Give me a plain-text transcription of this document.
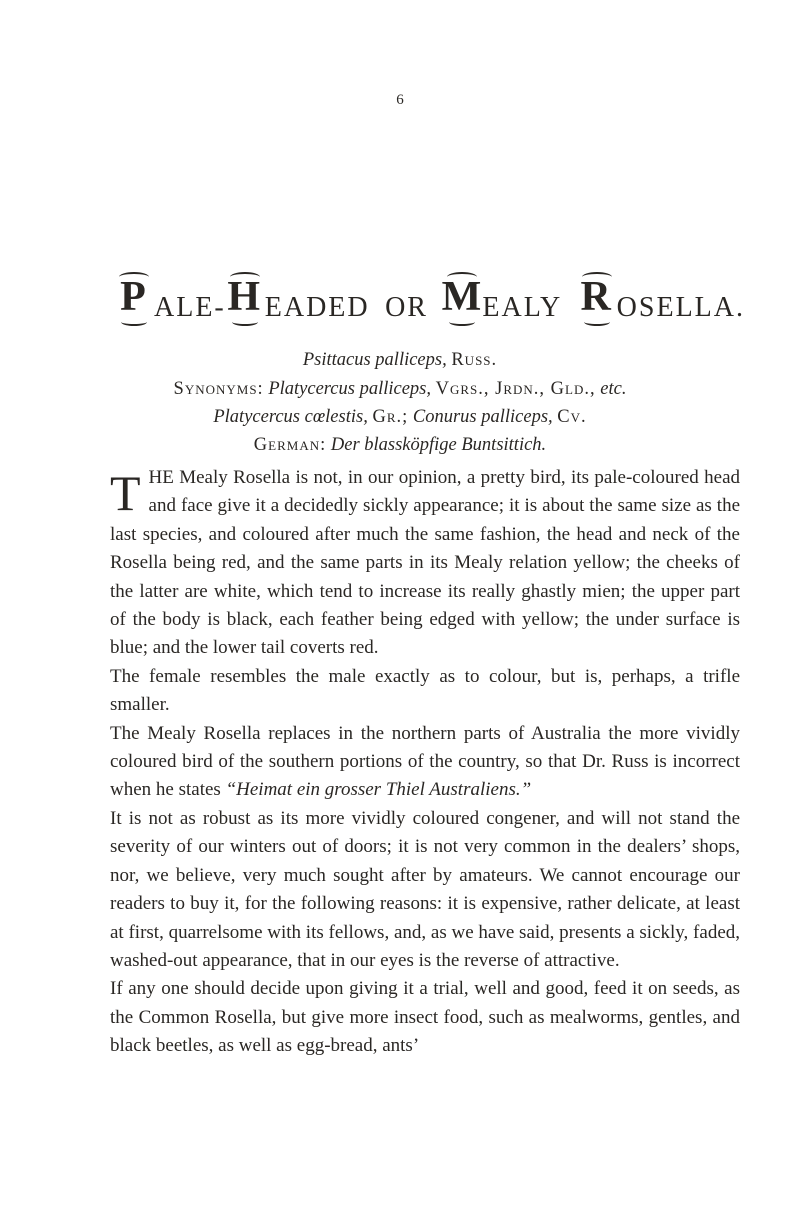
6
P ALE- H EADED OR M EALY R OSELLA.
Psittacus palliceps, Russ.
Synonyms: Platycercus palliceps, Vgrs., Jrdn., Gld., etc.
Platycercus cœlestis, Gr.; Conurus palliceps, Cv.
German: Der blassköpfige Buntsittich.

THE Mealy Rosella is not, in our opinion, a pretty bird, its pale-coloured head and face give it a decidedly sickly appearance; it is about the same size as the last species, and coloured after much the same fashion, the head and neck of the Rosella being red, and the same parts in its Mealy relation yellow; the cheeks of the latter are white, which tend to increase its really ghastly mien; the upper part of the body is black, each feather being edged with yellow; the under surface is blue; and the lower tail coverts red.

The female resembles the male exactly as to colour, but is, perhaps, a trifle smaller.

The Mealy Rosella replaces in the northern parts of Australia the more vividly coloured bird of the southern portions of the country, so that Dr. Russ is incorrect when he states “Heimat ein grosser Thiel Australiens.”

It is not as robust as its more vividly coloured congener, and will not stand the severity of our winters out of doors; it is not very common in the dealers’ shops, nor, we believe, very much sought after by amateurs. We cannot encourage our readers to buy it, for the following reasons: it is expensive, rather delicate, at least at first, quarrelsome with its fellows, and, as we have said, presents a sickly, faded, washed-out appearance, that in our eyes is the reverse of attractive.

If any one should decide upon giving it a trial, well and good, feed it on seeds, as the Common Rosella, but give more insect food, such as mealworms, gentles, and black beetles, as well as egg-bread, ants’
